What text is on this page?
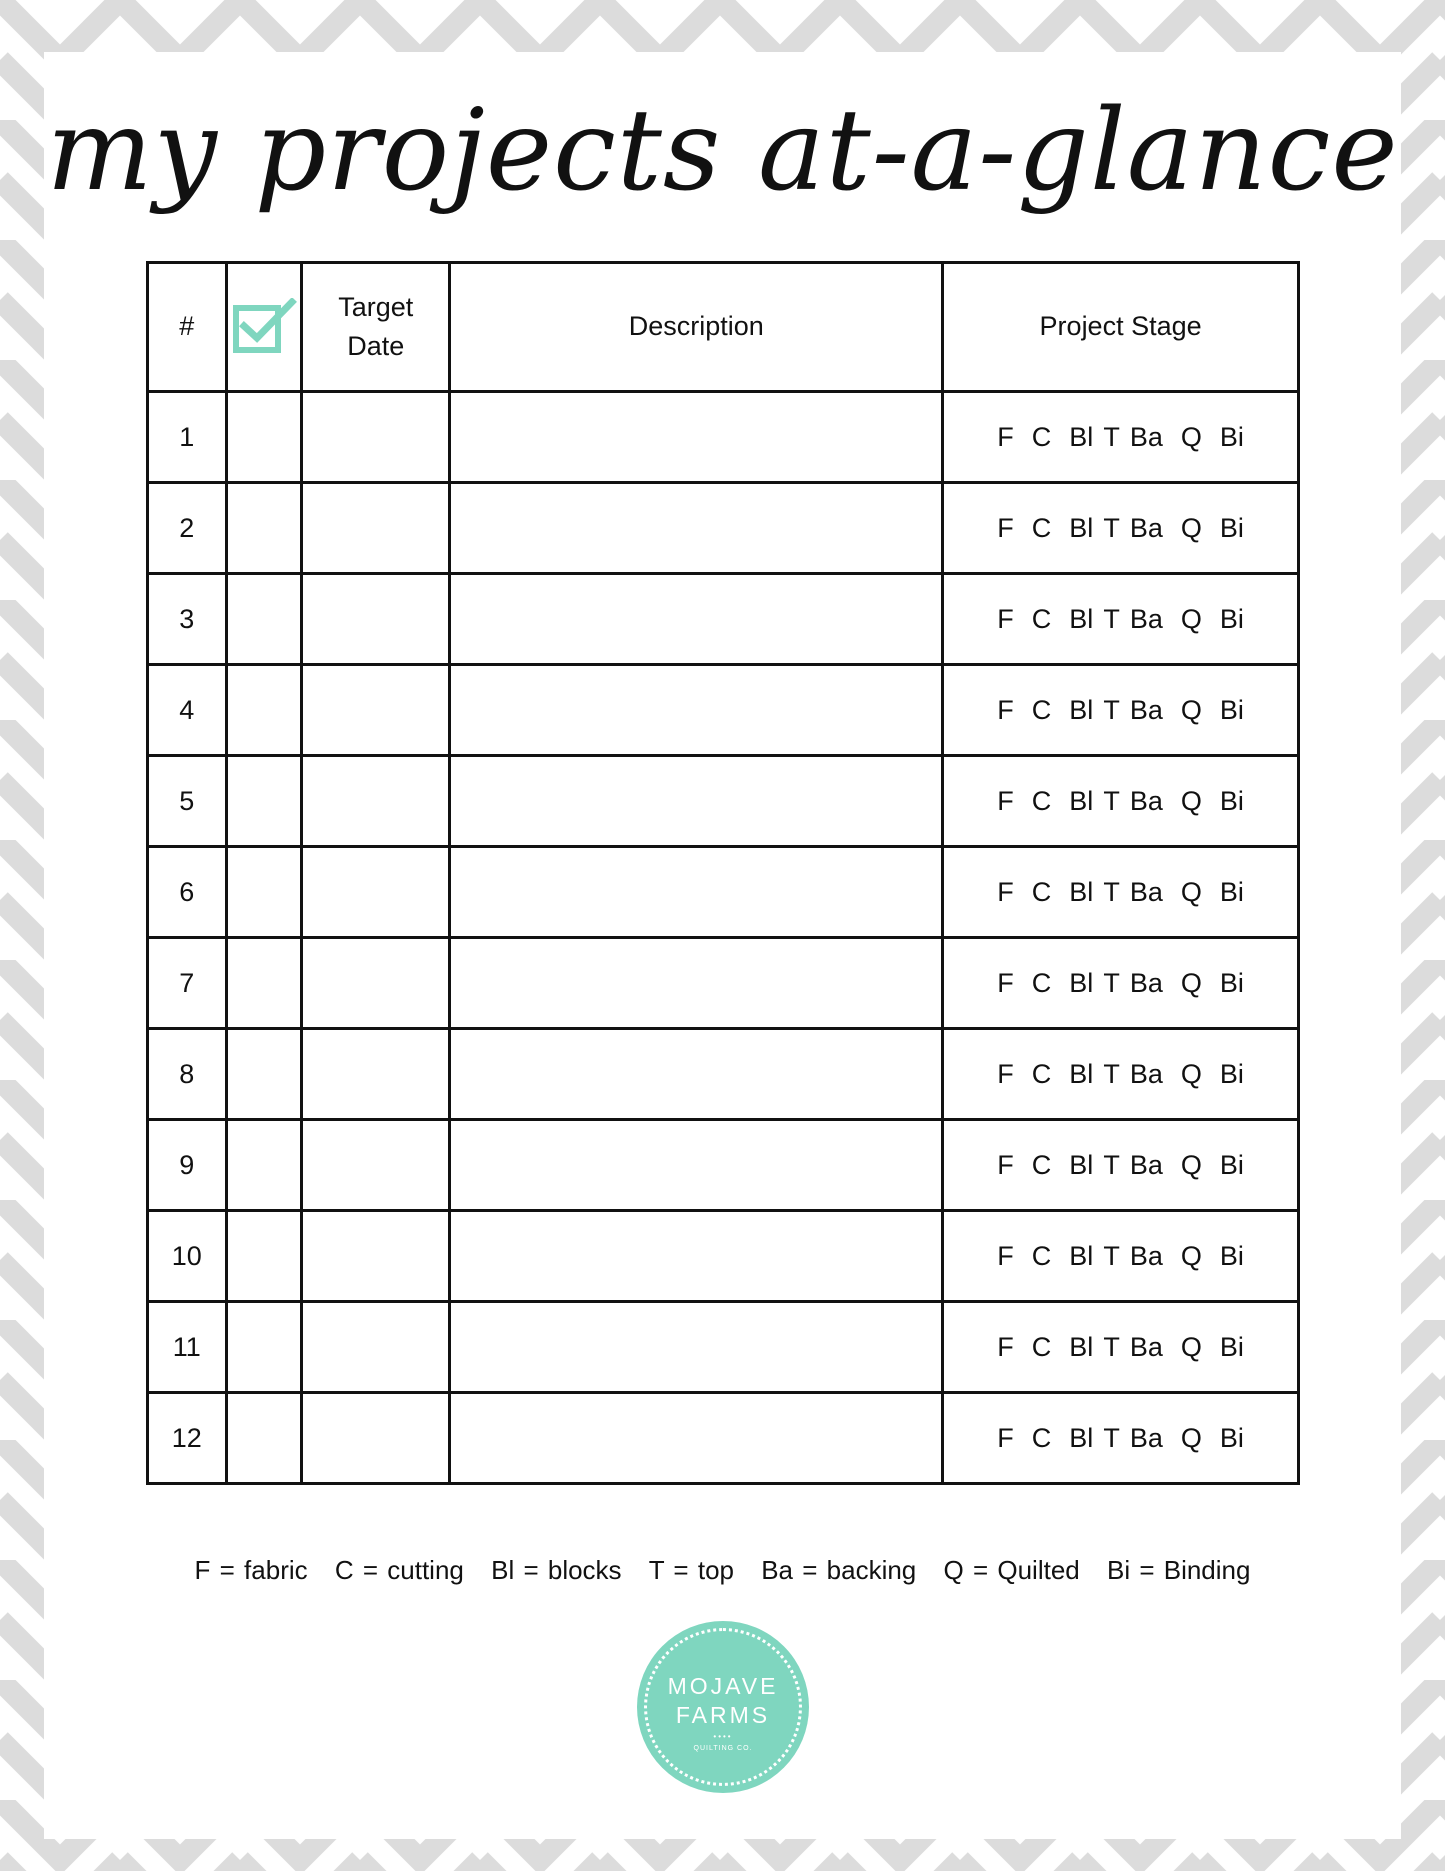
my projects at-a-glance
#		Target
Date	Description	Project Stage
1				F C Bl T Ba Q Bi

2				F C Bl T Ba Q Bi

3				F C Bl T Ba Q Bi

4				F C Bl T Ba Q Bi

5				F C Bl T Ba Q Bi

6				F C Bl T Ba Q Bi

7				F C Bl T Ba Q Bi

8				F C Bl T Ba Q Bi

9				F C Bl T Ba Q Bi

10				F C Bl T Ba Q Bi

11				F C Bl T Ba Q Bi

12				F C Bl T Ba Q Bi
F = fabric C = cutting Bl = blocks T = top Ba = backing Q = Quilted Bi = Binding
MOJAVE
FARMS
••••
QUILTING CO.
